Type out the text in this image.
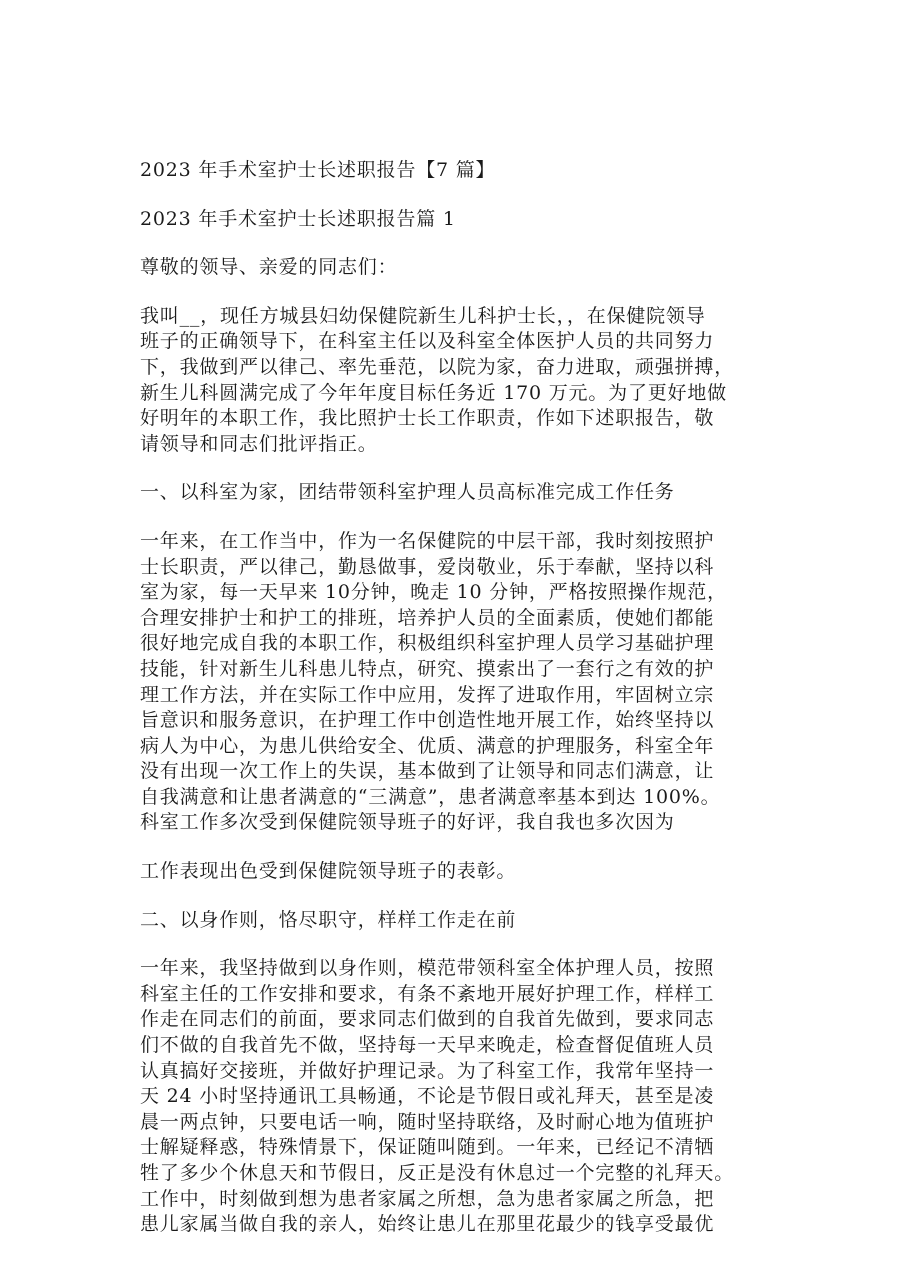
2023 年手术室护士长述职报告【7 篇】
2023 年手术室护士长述职报告篇 1
尊敬的领导、亲爱的同志们：
我叫__，现任方城县妇幼保健院新生儿科护士长，，在保健院领导
班子的正确领导下，在科室主任以及科室全体医护人员的共同努力
下，我做到严以律己、率先垂范，以院为家，奋力进取，顽强拼搏，
新生儿科圆满完成了今年年度目标任务近 170 万元。为了更好地做
好明年的本职工作，我比照护士长工作职责，作如下述职报告，敬
请领导和同志们批评指正。
一、以科室为家，团结带领科室护理人员高标准完成工作任务
一年来，在工作当中，作为一名保健院的中层干部，我时刻按照护
士长职责，严以律己，勤恳做事，爱岗敬业，乐于奉献，坚持以科
室为家，每一天早来 10分钟，晚走 10 分钟，严格按照操作规范，
合理安排护士和护工的排班，培养护人员的全面素质，使她们都能
很好地完成自我的本职工作，积极组织科室护理人员学习基础护理
技能，针对新生儿科患儿特点，研究、摸索出了一套行之有效的护
理工作方法，并在实际工作中应用，发挥了进取作用，牢固树立宗
旨意识和服务意识，在护理工作中创造性地开展工作，始终坚持以
病人为中心，为患儿供给安全、优质、满意的护理服务，科室全年
没有出现一次工作上的失误，基本做到了让领导和同志们满意，让
自我满意和让患者满意的“三满意”，患者满意率基本到达 100%。
科室工作多次受到保健院领导班子的好评，我自我也多次因为
工作表现出色受到保健院领导班子的表彰。
二、以身作则，恪尽职守，样样工作走在前
一年来，我坚持做到以身作则，模范带领科室全体护理人员，按照
科室主任的工作安排和要求，有条不紊地开展好护理工作，样样工
作走在同志们的前面，要求同志们做到的自我首先做到，要求同志
们不做的自我首先不做，坚持每一天早来晚走，检查督促值班人员
认真搞好交接班，并做好护理记录。为了科室工作，我常年坚持一
天 24 小时坚持通讯工具畅通，不论是节假日或礼拜天，甚至是凌
晨一两点钟，只要电话一响，随时坚持联络，及时耐心地为值班护
士解疑释惑，特殊情景下，保证随叫随到。一年来，已经记不清牺
牲了多少个休息天和节假日，反正是没有休息过一个完整的礼拜天。
工作中，时刻做到想为患者家属之所想，急为患者家属之所急，把
患儿家属当做自我的亲人，始终让患儿在那里花最少的钱享受最优
